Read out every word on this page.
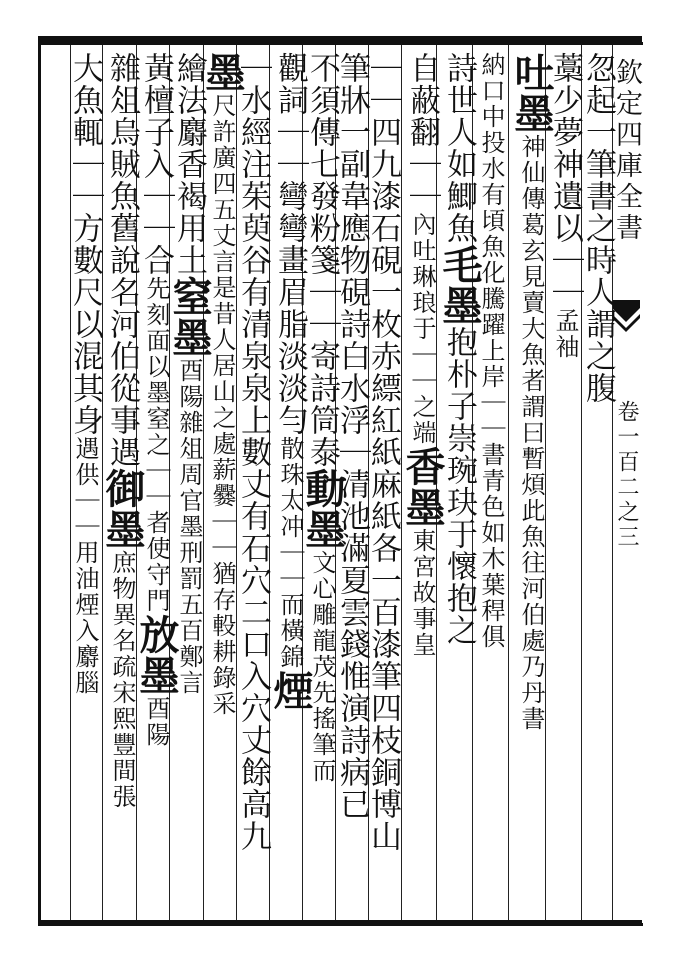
欽定四庫全書
卷一百二之三
忽起一筆書之時人謂之腹
藁少夢神遺以｜｜孟袖
吐墨神仙傳葛玄見賣大魚者謂曰暫煩此魚往河伯處乃丹書
納口中投水有頃魚化騰躍上岸｜｜書青色如木葉稈俱
詩世人如鯽魚毛墨抱朴子崇琬玦于懷抱之
自蔽翻｜｜內吐琳琅于｜｜之端香墨東宮故事皇
｜｜四九漆石硯一枚赤縹紅紙麻紙各一百漆筆四枝銅博山
筆牀一副韋應物硯詩白水浮｜清池滿夏雲錢惟演詩病已
不須傳七發粉箋｜｜寄詩筒泰動墨文心雕龍茂先搖筆而
觀詞｜｜彎彎畫眉脂淡淡勻散珠太冲｜｜而橫錦煙
｜水經注茱萸谷有清泉泉上數丈有石穴二口入穴丈餘高九
墨尺許廣四五丈言是昔人居山之處薪爨｜｜猶存軗耕錄采
繪法麝香褐用土窒墨酉陽雜俎周官墨刑罰五百鄭言
黃檀子入｜｜合先刻面以墨窒之｜｜者使守門放墨酉陽
雜俎烏賊魚舊說名河伯從事遇御墨庶物異名疏宋熙豐間張
大魚輒｜｜方數尺以混其身遇供｜｜用油煙入麝腦
